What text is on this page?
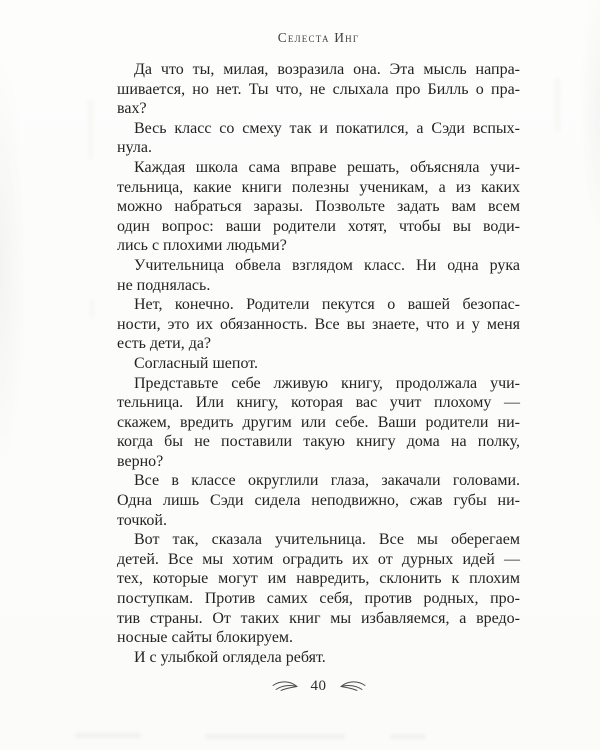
Селеста Инг
Да что ты, милая, возразила она. Эта мысль напра-
шивается, но нет. Ты что, не слыхала про Билль о пра-
вах?
Весь класс со смеху так и покатился, а Сэди вспых-
нула.
Каждая школа сама вправе решать, объясняла учи-
тельница, какие книги полезны ученикам, а из каких
можно набраться заразы. Позвольте задать вам всем
один вопрос: ваши родители хотят, чтобы вы води-
лись с плохими людьми?
Учительница обвела взглядом класс. Ни одна рука
не поднялась.
Нет, конечно. Родители пекутся о вашей безопас-
ности, это их обязанность. Все вы знаете, что и у меня
есть дети, да?
Согласный шепот.
Представьте себе лживую книгу, продолжала учи-
тельница. Или книгу, которая вас учит плохому —
скажем, вредить другим или себе. Ваши родители ни-
когда бы не поставили такую книгу дома на полку,
верно?
Все в классе округлили глаза, закачали головами.
Одна лишь Сэди сидела неподвижно, сжав губы ни-
точкой.
Вот так, сказала учительница. Все мы оберегаем
детей. Все мы хотим оградить их от дурных идей —
тех, которые могут им навредить, склонить к плохим
поступкам. Против самих себя, против родных, про-
тив страны. От таких книг мы избавляемся, а вредо-
носные сайты блокируем.
И с улыбкой оглядела ребят.
40
